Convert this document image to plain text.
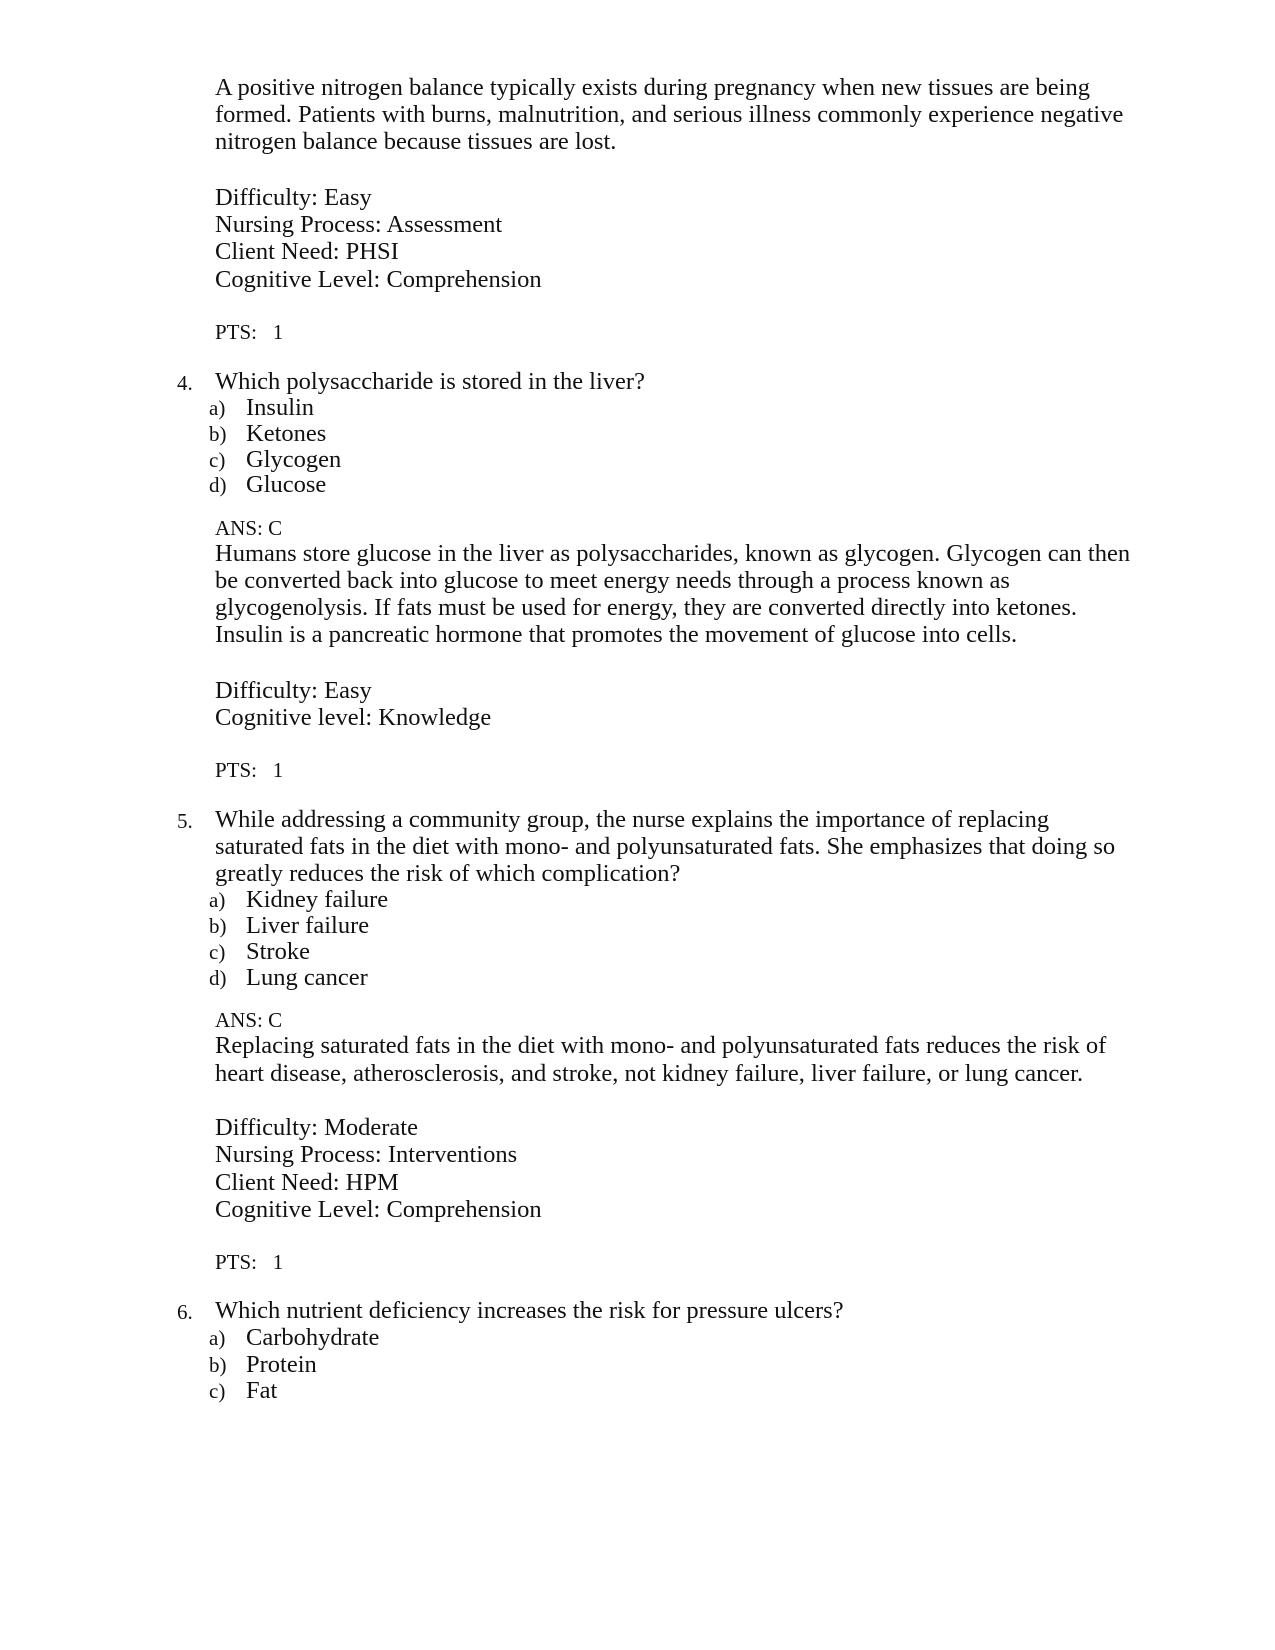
A positive nitrogen balance typically exists during pregnancy when new tissues are being
formed. Patients with burns, malnutrition, and serious illness commonly experience negative
nitrogen balance because tissues are lost.
Difficulty: Easy
Nursing Process: Assessment
Client Need: PHSI
Cognitive Level: Comprehension
PTS:   1
4. Which polysaccharide is stored in the liver?
a) Insulin
b) Ketones
c) Glycogen
d) Glucose
ANS: C
Humans store glucose in the liver as polysaccharides, known as glycogen. Glycogen can then
be converted back into glucose to meet energy needs through a process known as
glycogenolysis. If fats must be used for energy, they are converted directly into ketones.
Insulin is a pancreatic hormone that promotes the movement of glucose into cells.
Difficulty: Easy
Cognitive level: Knowledge
PTS:   1
5. While addressing a community group, the nurse explains the importance of replacing
saturated fats in the diet with mono- and polyunsaturated fats. She emphasizes that doing so
greatly reduces the risk of which complication?
a) Kidney failure
b) Liver failure
c) Stroke
d) Lung cancer
ANS: C
Replacing saturated fats in the diet with mono- and polyunsaturated fats reduces the risk of
heart disease, atherosclerosis, and stroke, not kidney failure, liver failure, or lung cancer.
Difficulty: Moderate
Nursing Process: Interventions
Client Need: HPM
Cognitive Level: Comprehension
PTS:   1
6. Which nutrient deficiency increases the risk for pressure ulcers?
a) Carbohydrate
b) Protein
c) Fat
